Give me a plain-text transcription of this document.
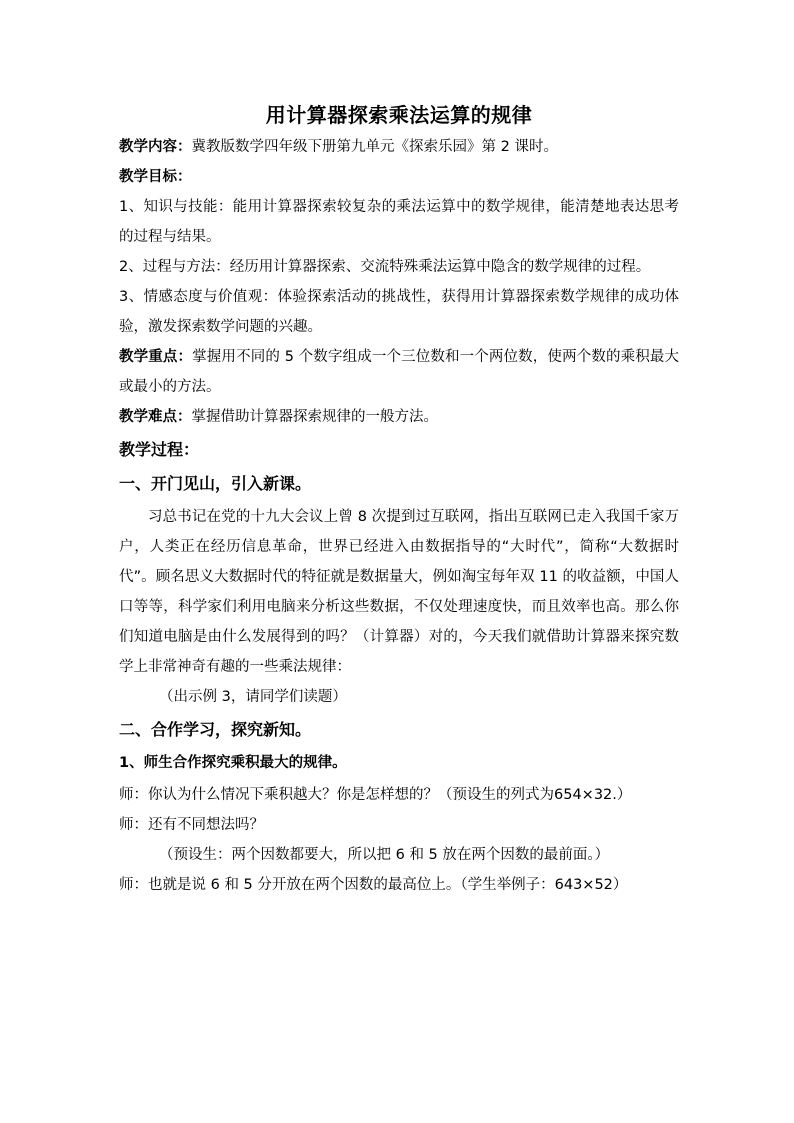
用计算器探索乘法运算的规律

教学内容：冀教版数学四年级下册第九单元《探索乐园》第 2 课时。

教学目标：

1、知识与技能：能用计算器探索较复杂的乘法运算中的数学规律，能清楚地表达思考的过程与结果。

2、过程与方法：经历用计算器探索、交流特殊乘法运算中隐含的数学规律的过程。

3、情感态度与价值观：体验探索活动的挑战性，获得用计算器探索数学规律的成功体验，激发探索数学问题的兴趣。

教学重点：掌握用不同的 5 个数字组成一个三位数和一个两位数，使两个数的乘积最大或最小的方法。

教学难点：掌握借助计算器探索规律的一般方法。

教学过程：

一、开门见山，引入新课。

习总书记在党的十九大会议上曾 8 次提到过互联网，指出互联网已走入我国千家万户，人类正在经历信息革命，世界已经进入由数据指导的“大时代”，简称“大数据时代”。顾名思义大数据时代的特征就是数据量大，例如淘宝每年双 11 的收益额，中国人口等等，科学家们利用电脑来分析这些数据，不仅处理速度快，而且效率也高。那么你们知道电脑是由什么发展得到的吗？（计算器）对的，今天我们就借助计算器来探究数学上非常神奇有趣的一些乘法规律：

（出示例 3，请同学们读题）

二、合作学习，探究新知。

1、师生合作探究乘积最大的规律。

师：你认为什么情况下乘积越大？你是怎样想的？（预设生的列式为654×32.）

师：还有不同想法吗？

（预设生：两个因数都要大，所以把 6 和 5 放在两个因数的最前面。）

师：也就是说 6 和 5 分开放在两个因数的最高位上。（学生举例子：643×52）
